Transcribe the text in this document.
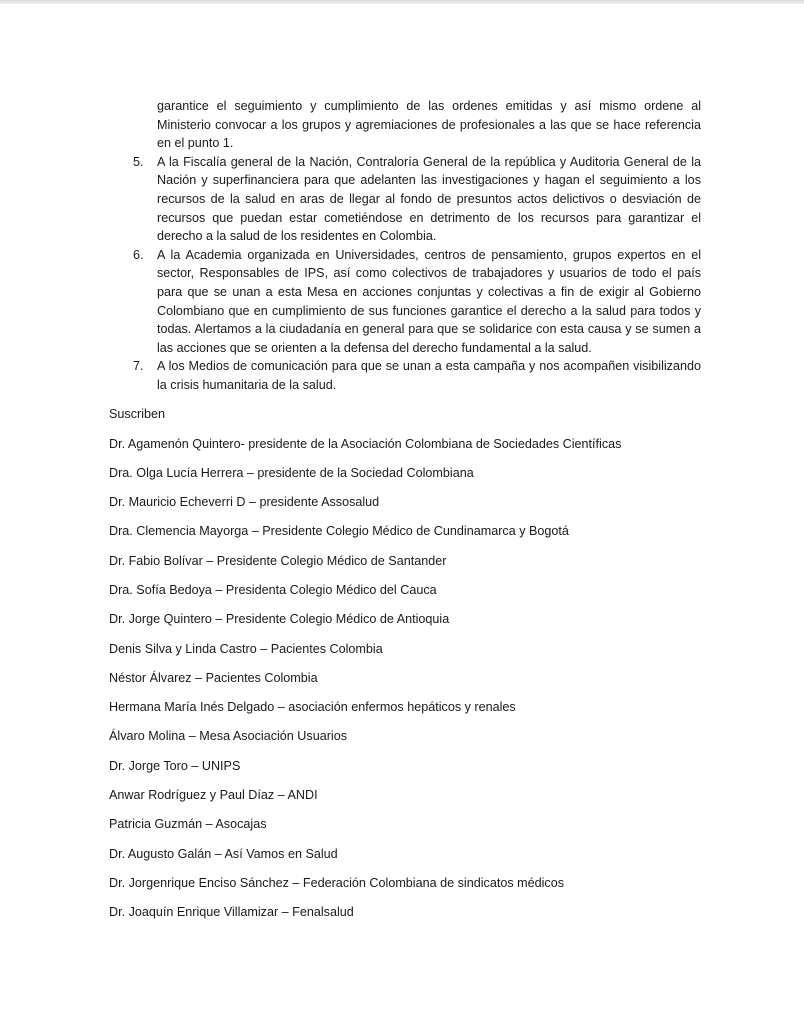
garantice el seguimiento y cumplimiento de las ordenes emitidas y así mismo ordene al Ministerio convocar a los grupos y agremiaciones de profesionales a las que se hace referencia en el punto 1.
5. A la Fiscalía general de la Nación, Contraloría General de la república y Auditoria General de la Nación y superfinanciera para que adelanten las investigaciones y hagan el seguimiento a los recursos de la salud en aras de llegar al fondo de presuntos actos delictivos o desviación de recursos que puedan estar cometiéndose en detrimento de los recursos para garantizar el derecho a la salud de los residentes en Colombia.
6. A la Academia organizada en Universidades, centros de pensamiento, grupos expertos en el sector, Responsables de IPS, así como colectivos de trabajadores y usuarios de todo el país para que se unan a esta Mesa en acciones conjuntas y colectivas a fin de exigir al Gobierno Colombiano que en cumplimiento de sus funciones garantice el derecho a la salud para todos y todas. Alertamos a la ciudadanía en general para que se solidarice con esta causa y se sumen a las acciones que se orienten a la defensa del derecho fundamental a la salud.
7. A los Medios de comunicación para que se unan a esta campaña y nos acompañen visibilizando la crisis humanitaria de la salud.
Suscriben
Dr. Agamenón Quintero- presidente de la Asociación Colombiana de Sociedades Científicas
Dra. Olga Lucía Herrera – presidente de la Sociedad Colombiana
Dr. Mauricio Echeverri D – presidente Assosalud
Dra. Clemencia Mayorga – Presidente Colegio Médico de Cundinamarca y Bogotá
Dr. Fabio Bolívar – Presidente Colegio Médico de Santander
Dra. Sofía Bedoya – Presidenta Colegio Médico del Cauca
Dr. Jorge Quintero – Presidente Colegio Médico de Antioquia
Denis Silva y Linda Castro – Pacientes Colombia
Néstor Álvarez – Pacientes Colombia
Hermana María Inés Delgado – asociación enfermos hepáticos y renales
Álvaro Molina – Mesa Asociación Usuarios
Dr. Jorge Toro – UNIPS
Anwar Rodríguez y Paul Díaz – ANDI
Patricia Guzmán – Asocajas
Dr. Augusto Galán – Así Vamos en Salud
Dr. Jorgenrique Enciso Sánchez – Federación Colombiana de sindicatos médicos
Dr. Joaquín Enrique Villamizar – Fenalsalud
